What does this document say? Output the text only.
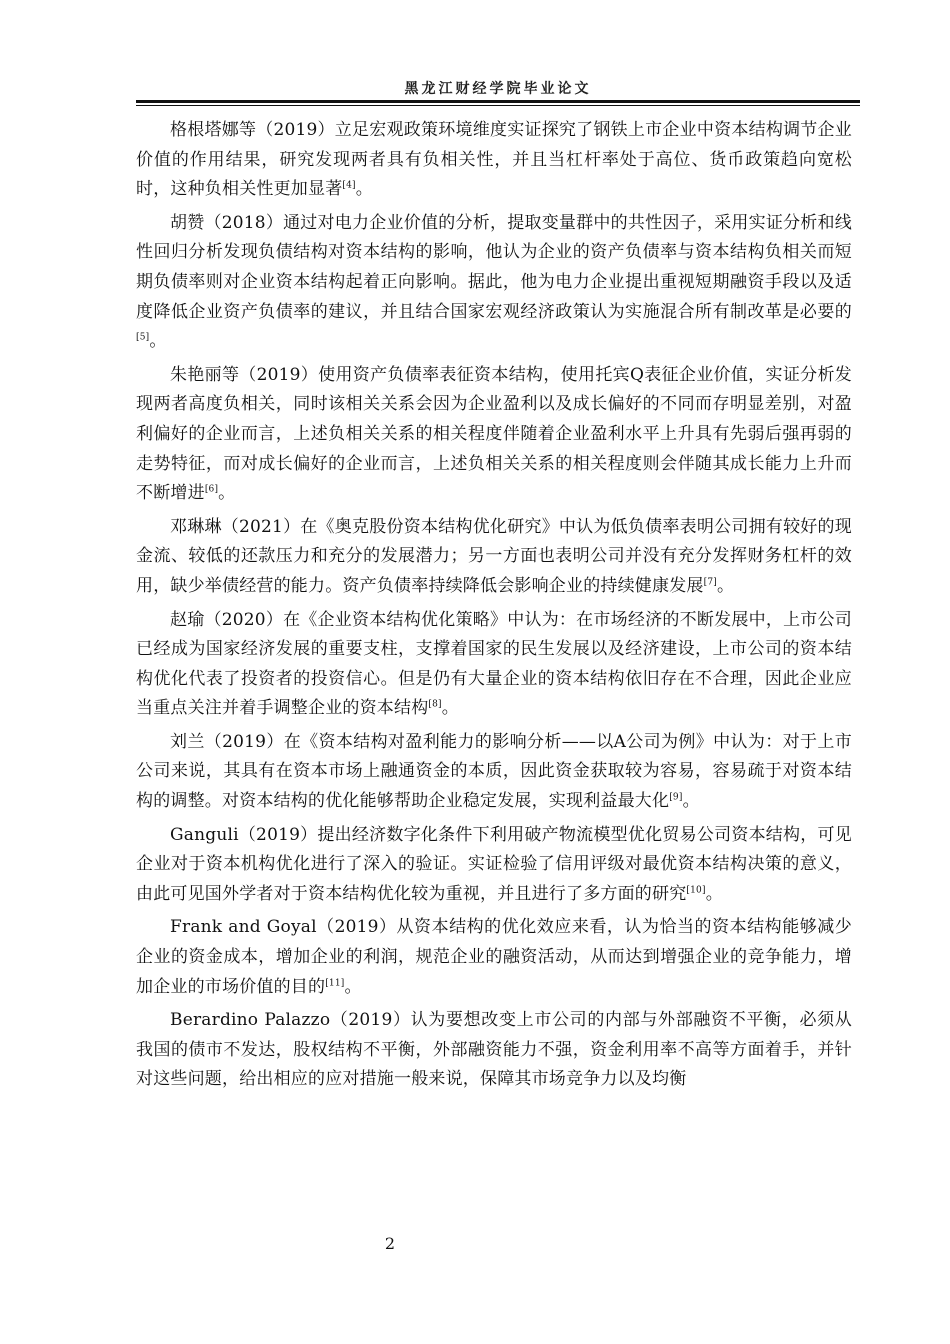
黑龙江财经学院毕业论文

格根塔娜等（2019）立足宏观政策环境维度实证探究了钢铁上市企业中资本结构调节企业价值的作用结果，研究发现两者具有负相关性，并且当杠杆率处于高位、货币政策趋向宽松时，这种负相关性更加显著[4]。

胡赞（2018）通过对电力企业价值的分析，提取变量群中的共性因子，采用实证分析和线性回归分析发现负债结构对资本结构的影响，他认为企业的资产负债率与资本结构负相关而短期负债率则对企业资本结构起着正向影响。据此，他为电力企业提出重视短期融资手段以及适度降低企业资产负债率的建议，并且结合国家宏观经济政策认为实施混合所有制改革是必要的[5]。

朱艳丽等（2019）使用资产负债率表征资本结构，使用托宾Q表征企业价值，实证分析发现两者高度负相关，同时该相关关系会因为企业盈利以及成长偏好的不同而存明显差别，对盈利偏好的企业而言，上述负相关关系的相关程度伴随着企业盈利水平上升具有先弱后强再弱的走势特征，而对成长偏好的企业而言，上述负相关关系的相关程度则会伴随其成长能力上升而不断增进[6]。

邓琳琳（2021）在《奥克股份资本结构优化研究》中认为低负债率表明公司拥有较好的现金流、较低的还款压力和充分的发展潜力；另一方面也表明公司并没有充分发挥财务杠杆的效用，缺少举债经营的能力。资产负债率持续降低会影响企业的持续健康发展[7]。

赵瑜（2020）在《企业资本结构优化策略》中认为：在市场经济的不断发展中，上市公司已经成为国家经济发展的重要支柱，支撑着国家的民生发展以及经济建设，上市公司的资本结构优化代表了投资者的投资信心。但是仍有大量企业的资本结构依旧存在不合理，因此企业应当重点关注并着手调整企业的资本结构[8]。

刘兰（2019）在《资本结构对盈利能力的影响分析——以A公司为例》中认为：对于上市公司来说，其具有在资本市场上融通资金的本质，因此资金获取较为容易，容易疏于对资本结构的调整。对资本结构的优化能够帮助企业稳定发展，实现利益最大化[9]。

Ganguli（2019）提出经济数字化条件下利用破产物流模型优化贸易公司资本结构，可见企业对于资本机构优化进行了深入的验证。实证检验了信用评级对最优资本结构决策的意义，由此可见国外学者对于资本结构优化较为重视，并且进行了多方面的研究[10]。

Frank and Goyal（2019）从资本结构的优化效应来看，认为恰当的资本结构能够减少企业的资金成本，增加企业的利润，规范企业的融资活动，从而达到增强企业的竞争能力，增加企业的市场价值的目的[11]。

Berardino Palazzo（2019）认为要想改变上市公司的内部与外部融资不平衡，必须从我国的债市不发达，股权结构不平衡，外部融资能力不强，资金利用率不高等方面着手，并针对这些问题，给出相应的应对措施一般来说，保障其市场竞争力以及均衡

2
